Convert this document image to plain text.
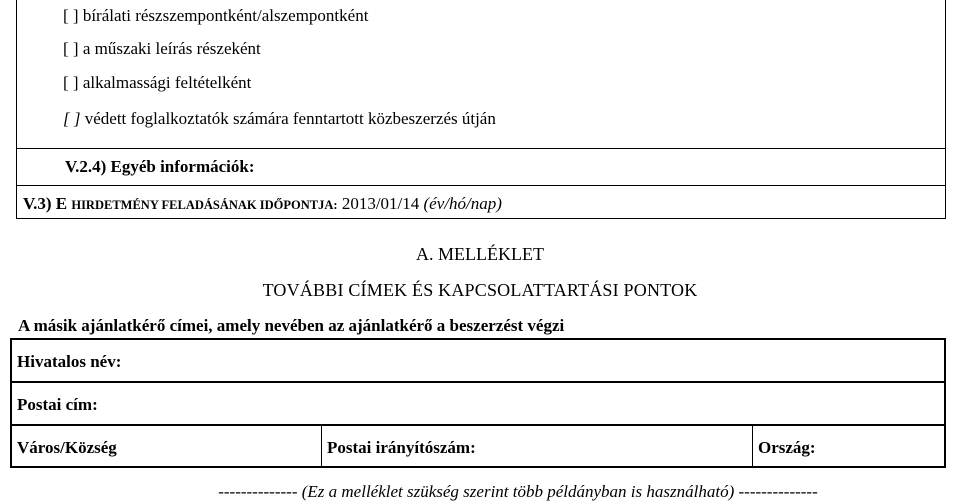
[ ] bírálati részszempontként/alszempontként
[ ] a műszaki leírás részeként
[ ] alkalmassági feltételként
[ ] védett foglalkoztatók számára fenntartott közbeszerzés útján
V.2.4) Egyéb információk:
V.3) E HIRDETMÉNY FELADÁSÁNAK IDŐPONTJA: 2013/01/14 (év/hó/nap)
A. MELLÉKLET
TOVÁBBI CÍMEK ÉS KAPCSOLATTARTÁSI PONTOK
A másik ajánlatkérő címei, amely nevében az ajánlatkérő a beszerzést végzi
Hivatalos név:
Postai cím:
Város/Község	Postai irányítószám:	Ország:
-------------- (Ez a melléklet szükség szerint több példányban is használható) --------------
